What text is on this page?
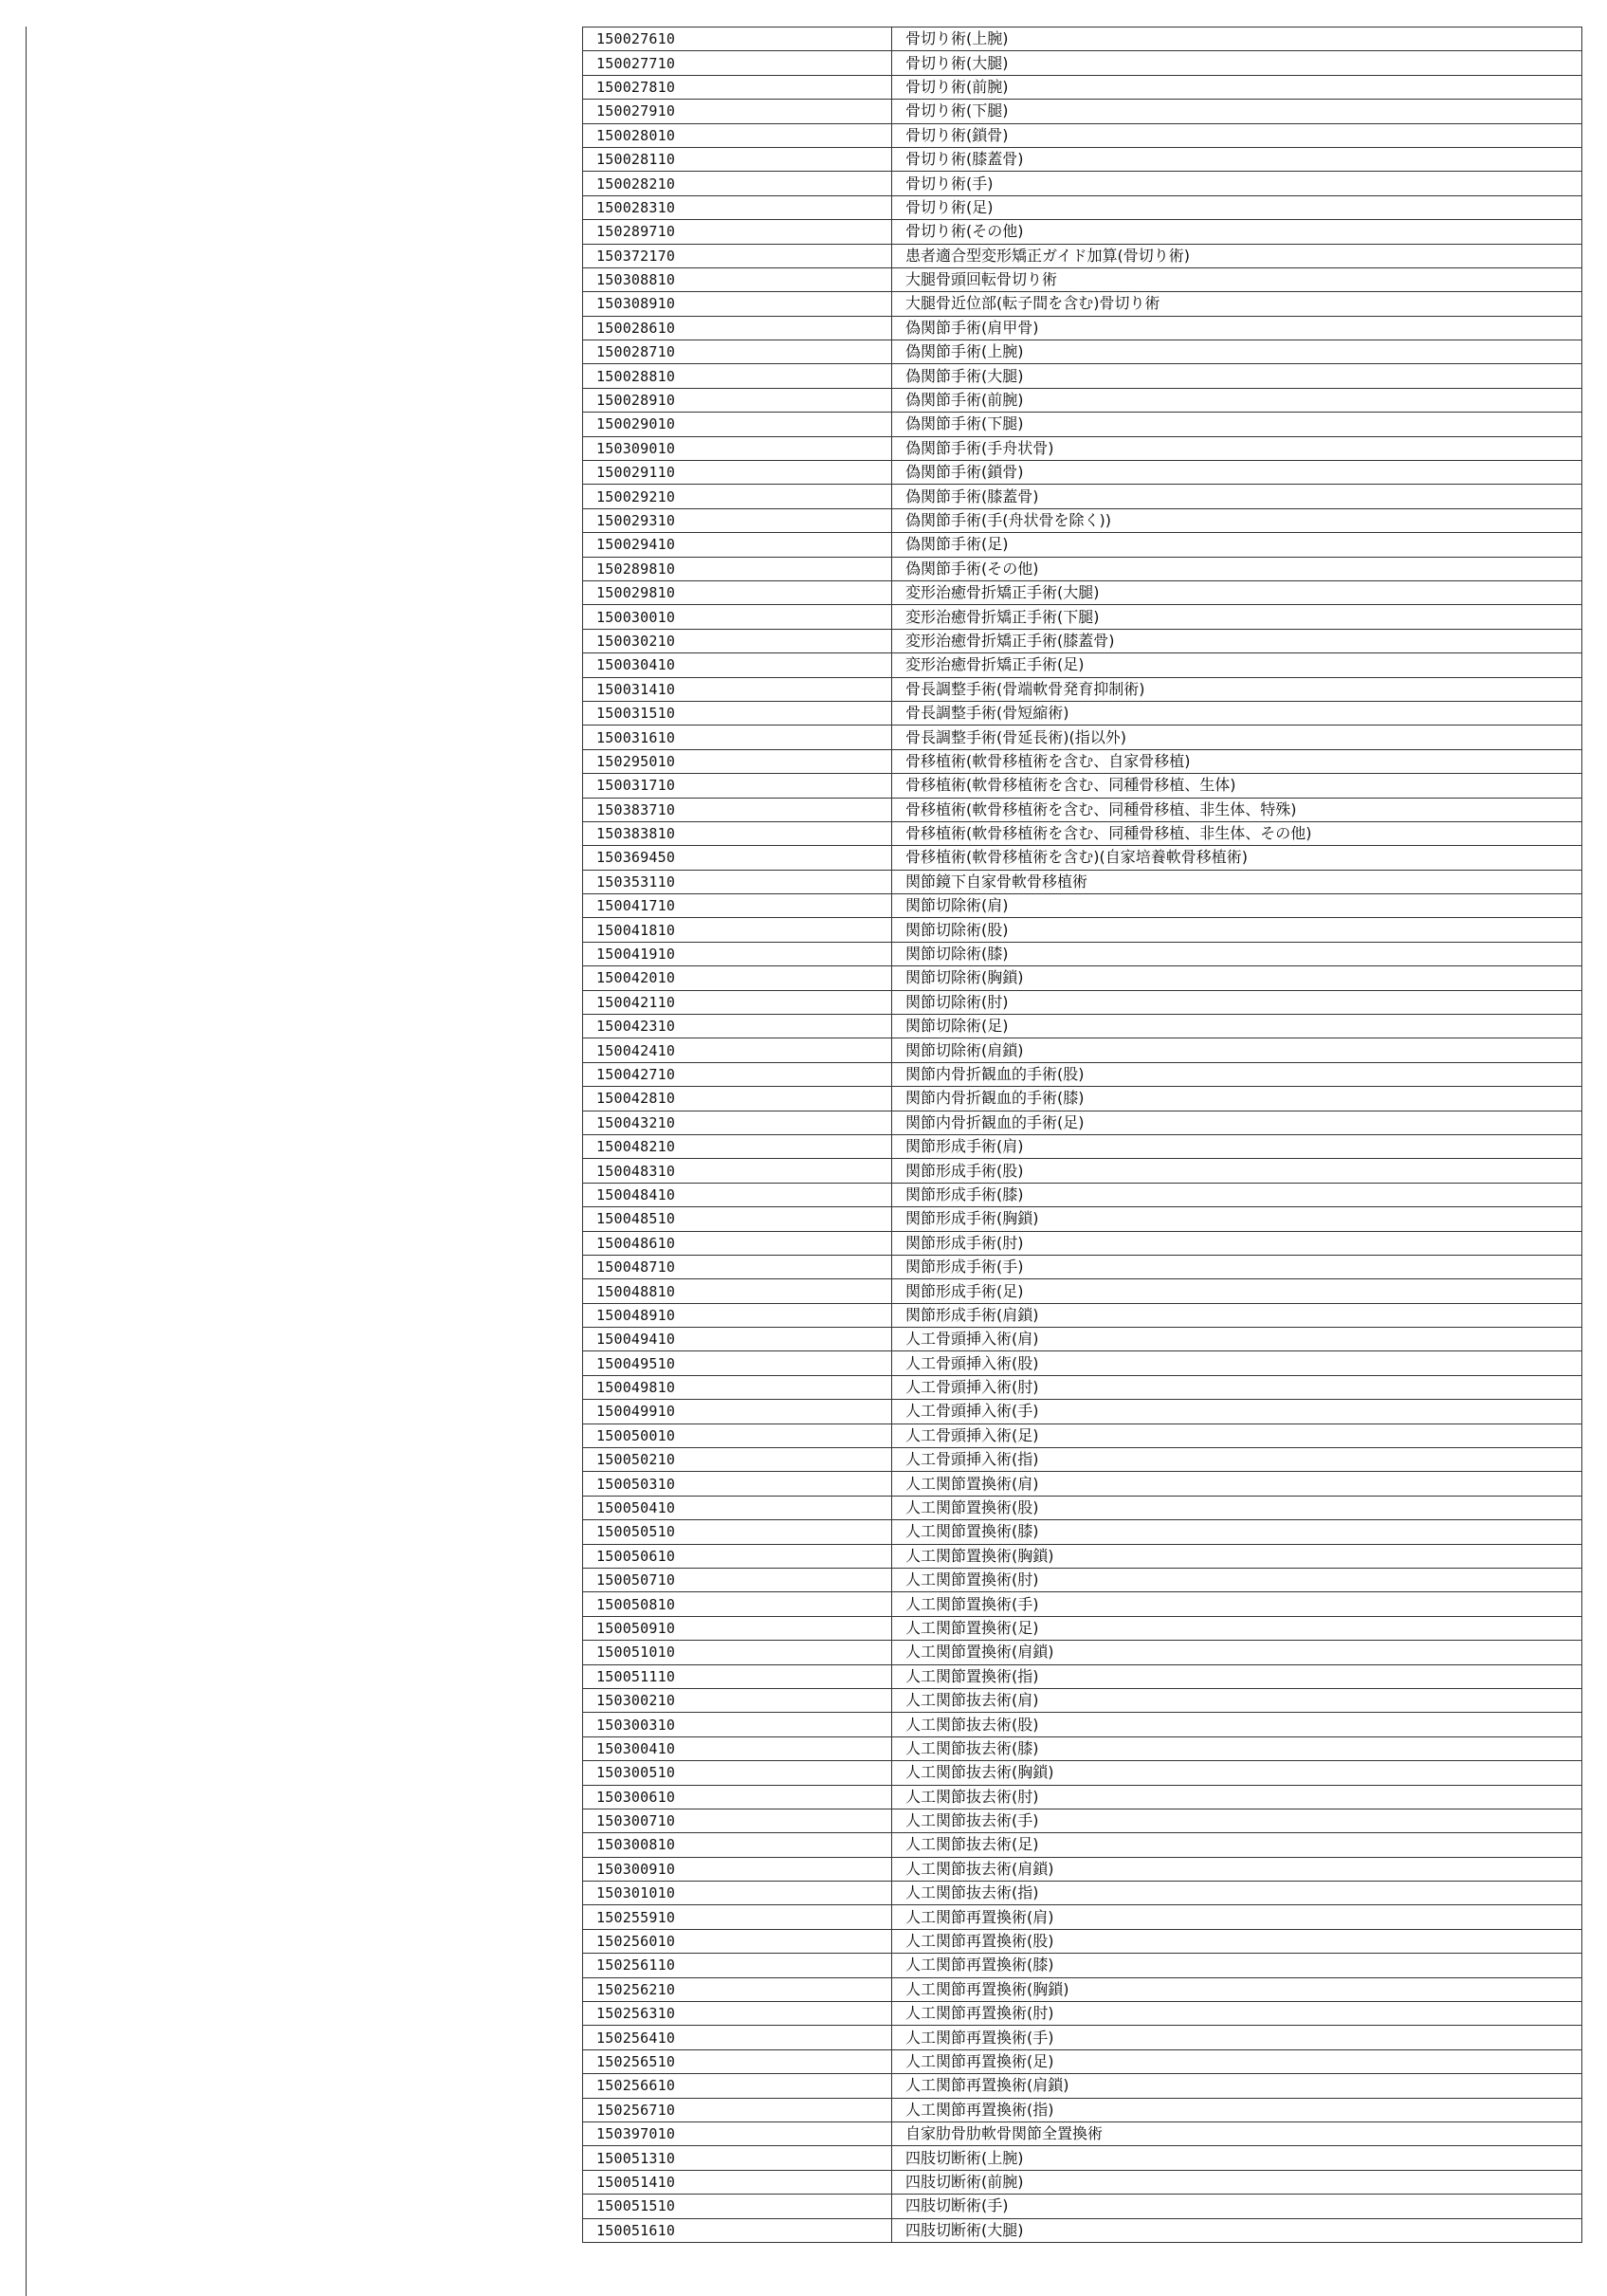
150027610	骨切り術(上腕)
150027710	骨切り術(大腿)
150027810	骨切り術(前腕)
150027910	骨切り術(下腿)
150028010	骨切り術(鎖骨)
150028110	骨切り術(膝蓋骨)
150028210	骨切り術(手)
150028310	骨切り術(足)
150289710	骨切り術(その他)
150372170	患者適合型変形矯正ガイド加算(骨切り術)
150308810	大腿骨頭回転骨切り術
150308910	大腿骨近位部(転子間を含む)骨切り術
150028610	偽関節手術(肩甲骨)
150028710	偽関節手術(上腕)
150028810	偽関節手術(大腿)
150028910	偽関節手術(前腕)
150029010	偽関節手術(下腿)
150309010	偽関節手術(手舟状骨)
150029110	偽関節手術(鎖骨)
150029210	偽関節手術(膝蓋骨)
150029310	偽関節手術(手(舟状骨を除く))
150029410	偽関節手術(足)
150289810	偽関節手術(その他)
150029810	変形治癒骨折矯正手術(大腿)
150030010	変形治癒骨折矯正手術(下腿)
150030210	変形治癒骨折矯正手術(膝蓋骨)
150030410	変形治癒骨折矯正手術(足)
150031410	骨長調整手術(骨端軟骨発育抑制術)
150031510	骨長調整手術(骨短縮術)
150031610	骨長調整手術(骨延長術)(指以外)
150295010	骨移植術(軟骨移植術を含む、自家骨移植)
150031710	骨移植術(軟骨移植術を含む、同種骨移植、生体)
150383710	骨移植術(軟骨移植術を含む、同種骨移植、非生体、特殊)
150383810	骨移植術(軟骨移植術を含む、同種骨移植、非生体、その他)
150369450	骨移植術(軟骨移植術を含む)(自家培養軟骨移植術)
150353110	関節鏡下自家骨軟骨移植術
150041710	関節切除術(肩)
150041810	関節切除術(股)
150041910	関節切除術(膝)
150042010	関節切除術(胸鎖)
150042110	関節切除術(肘)
150042310	関節切除術(足)
150042410	関節切除術(肩鎖)
150042710	関節内骨折観血的手術(股)
150042810	関節内骨折観血的手術(膝)
150043210	関節内骨折観血的手術(足)
150048210	関節形成手術(肩)
150048310	関節形成手術(股)
150048410	関節形成手術(膝)
150048510	関節形成手術(胸鎖)
150048610	関節形成手術(肘)
150048710	関節形成手術(手)
150048810	関節形成手術(足)
150048910	関節形成手術(肩鎖)
150049410	人工骨頭挿入術(肩)
150049510	人工骨頭挿入術(股)
150049810	人工骨頭挿入術(肘)
150049910	人工骨頭挿入術(手)
150050010	人工骨頭挿入術(足)
150050210	人工骨頭挿入術(指)
150050310	人工関節置換術(肩)
150050410	人工関節置換術(股)
150050510	人工関節置換術(膝)
150050610	人工関節置換術(胸鎖)
150050710	人工関節置換術(肘)
150050810	人工関節置換術(手)
150050910	人工関節置換術(足)
150051010	人工関節置換術(肩鎖)
150051110	人工関節置換術(指)
150300210	人工関節抜去術(肩)
150300310	人工関節抜去術(股)
150300410	人工関節抜去術(膝)
150300510	人工関節抜去術(胸鎖)
150300610	人工関節抜去術(肘)
150300710	人工関節抜去術(手)
150300810	人工関節抜去術(足)
150300910	人工関節抜去術(肩鎖)
150301010	人工関節抜去術(指)
150255910	人工関節再置換術(肩)
150256010	人工関節再置換術(股)
150256110	人工関節再置換術(膝)
150256210	人工関節再置換術(胸鎖)
150256310	人工関節再置換術(肘)
150256410	人工関節再置換術(手)
150256510	人工関節再置換術(足)
150256610	人工関節再置換術(肩鎖)
150256710	人工関節再置換術(指)
150397010	自家肋骨肋軟骨関節全置換術
150051310	四肢切断術(上腕)
150051410	四肢切断術(前腕)
150051510	四肢切断術(手)
150051610	四肢切断術(大腿)
